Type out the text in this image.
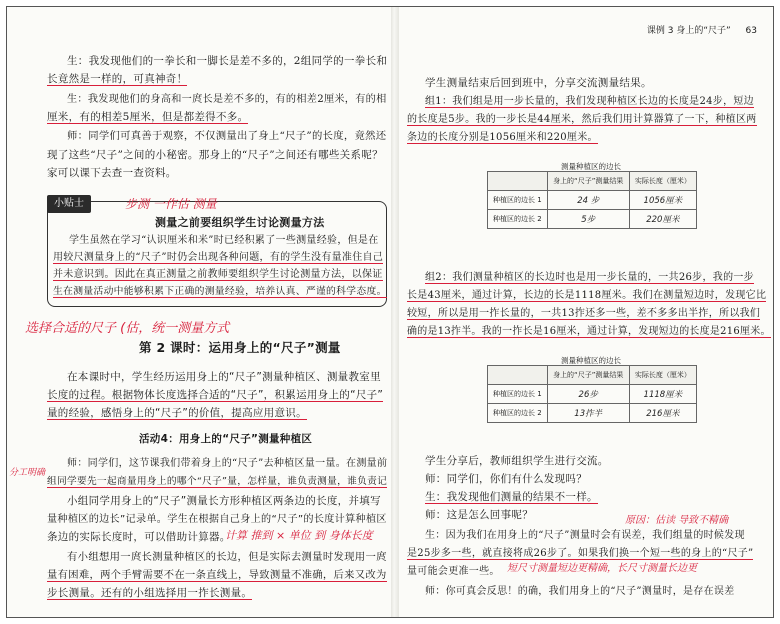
生：我发现他们的一拳长和一脚长是差不多的，2组同学的一拳长和
长竟然是一样的，可真神奇！
生：我发现他们的身高和一庹长是差不多的，有的相差2厘米，有的相
厘米，有的相差5厘米，但是都差得不多。
师：同学们可真善于观察，不仅测量出了身上“尺子”的长度，竟然还
现了这些“尺子”之间的小秘密。那身上的“尺子”之间还有哪些关系呢？
家可以课下去查一查资料。
小贴士	步测 一作估 测量
测量之前要组织学生讨论测量方法
学生虽然在学习“认识厘米和米”时已经积累了一些测量经验，但是在
用较尺测量身上的“尺子”时仍会出现各种问题，有的学生没有量准住自己
并未意识到。因此在真正测量之前教师要组织学生讨论测量方法，以保证
生在测量活动中能够积累下正确的测量经验，培养认真、严谨的科学态度。
选择合适的尺子 (估，统一测量方式
第 2 课时：运用身上的“尺子”测量
在本课时中，学生经历运用身上的“尺子”测量种植区、测量教室里
长度的过程。根据物体长度选择合适的“尺子”，积累运用身上的“尺子”
量的经验，感悟身上的“尺子”的价值，提高应用意识。
活动4：用身上的“尺子”测量种植区
分工明确
师：同学们，这节课我们带着身上的“尺子”去种植区量一量。在测量前
组同学要先一起商量用身上的哪个“尺子”量，怎样量，谁负责测量，谁负责记
小组同学用身上的“尺子”测量长方形种植区两条边的长度，并填写
量种植区的边长”记录单。学生在根据自己身上的“尺子”的长度计算种植区
条边的实际长度时，可以借助计算器。
计算 推到 × 单位 到 身体长度
有小组想用一庹长测量种植区的长边，但是实际去测量时发现用一庹
量有困难，两个手臂需要不在一条直线上，导致测量不准确，后来又改为
步长测量。还有的小组选择用一拃长测量。
课例 3 身上的“尺子” 63
学生测量结束后回到班中，分享交流测量结果。
组1：我们组是用一步长量的，我们发现种植区长边的长度是24步，短边
的长度是5步。我的一步长是44厘米，然后我们用计算器算了一下，种植区两
条边的长度分别是1056厘米和220厘米。
测量种植区的边长
	身上的“尺子”测量结果	实际长度（厘米）
种植区的边长 1	24 步	1056厘米
种植区的边长 2	5步	220厘米
组2：我们测量种植区的长边时也是用一步长量的，一共26步，我的一步
长是43厘米，通过计算，长边的长是1118厘米。我们在测量短边时，发现它比
较短，所以是用一拃长量的，一共13拃还多一些，差不多多出半拃，所以我们
确的是13拃半。我的一拃长是16厘米，通过计算，发现短边的长度是216厘米。
测量种植区的边长
	身上的“尺子”测量结果	实际长度（厘米）
种植区的边长 1	26步	1118厘米
种植区的边长 2	13拃半	216厘米
学生分享后，教师组织学生进行交流。
师：同学们，你们有什么发现吗？
生：我发现他们测量的结果不一样。
师：这是怎么回事呢？	原因：估读 导致不精确
生：因为我们在用身上的“尺子”测量时会有误差，我们组量的时候发现
是25步多一些，就直接将成26步了。如果我们换一个短一些的身上的“尺子”
量可能会更准一些。 短尺寸测量短边更精确，长尺寸测量长边更
师：你可真会反思！的确，我们用身上的“尺子”测量时，是存在误差
